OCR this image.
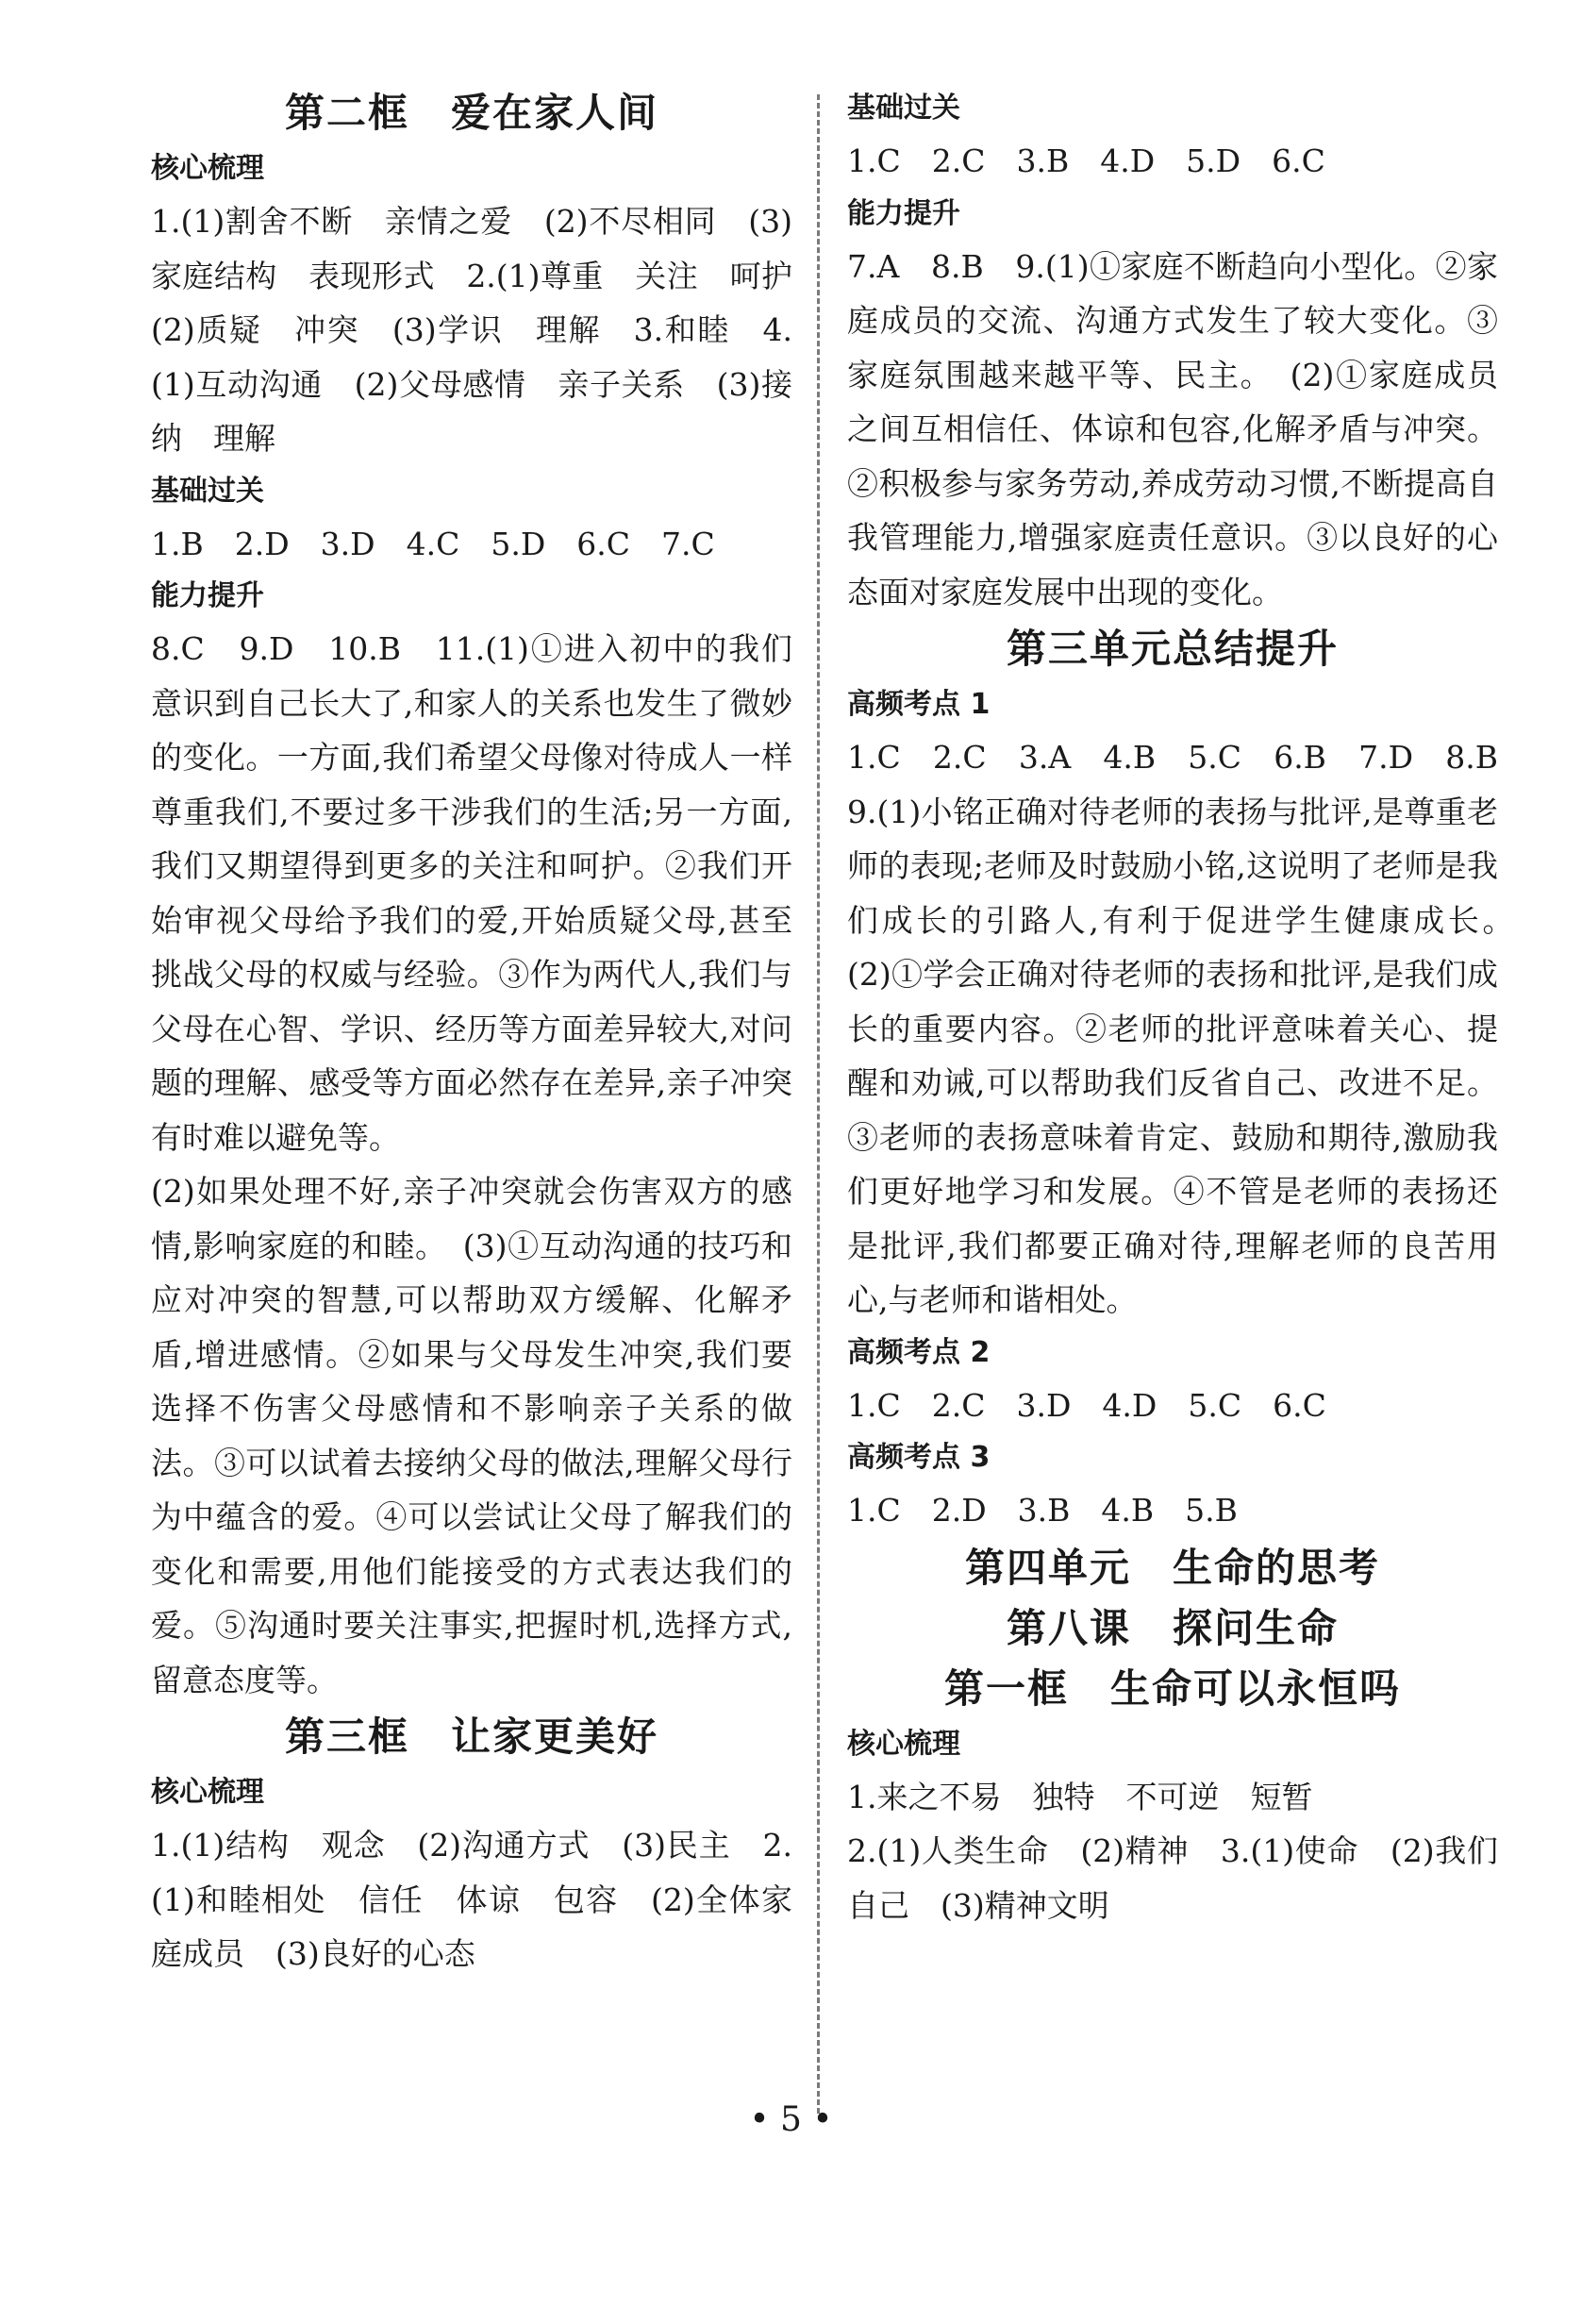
第二框　爱在家人间
核心梳理

1.(1)割舍不断　亲情之爱　(2)不尽相同　(3)家庭结构　表现形式　2.(1)尊重　关注　呵护　(2)质疑　冲突　(3)学识　理解　3.和睦　4.(1)互动沟通　(2)父母感情　亲子关系　(3)接纳　理解

基础过关

1.B　2.D　3.D　4.C　5.D　6.C　7.C

能力提升

8.C　9.D　10.B　11.(1)①进入初中的我们意识到自己长大了,和家人的关系也发生了微妙的变化。一方面,我们希望父母像对待成人一样尊重我们,不要过多干涉我们的生活;另一方面,我们又期望得到更多的关注和呵护。②我们开始审视父母给予我们的爱,开始质疑父母,甚至挑战父母的权威与经验。③作为两代人,我们与父母在心智、学识、经历等方面差异较大,对问题的理解、感受等方面必然存在差异,亲子冲突有时难以避免等。

(2)如果处理不好,亲子冲突就会伤害双方的感情,影响家庭的和睦。　(3)①互动沟通的技巧和应对冲突的智慧,可以帮助双方缓解、化解矛盾,增进感情。②如果与父母发生冲突,我们要选择不伤害父母感情和不影响亲子关系的做法。③可以试着去接纳父母的做法,理解父母行为中蕴含的爱。④可以尝试让父母了解我们的变化和需要,用他们能接受的方式表达我们的爱。⑤沟通时要关注事实,把握时机,选择方式,留意态度等。

第三框　让家更美好
核心梳理

1.(1)结构　观念　(2)沟通方式　(3)民主　2.(1)和睦相处　信任　体谅　包容　(2)全体家庭成员　(3)良好的心态

基础过关

1.C　2.C　3.B　4.D　5.D　6.C

能力提升

7.A　8.B　9.(1)①家庭不断趋向小型化。②家庭成员的交流、沟通方式发生了较大变化。③家庭氛围越来越平等、民主。　(2)①家庭成员之间互相信任、体谅和包容,化解矛盾与冲突。②积极参与家务劳动,养成劳动习惯,不断提高自我管理能力,增强家庭责任意识。③以良好的心态面对家庭发展中出现的变化。

第三单元总结提升
高频考点 1

1.C　2.C　3.A　4.B　5.C　6.B　7.D　8.B　9.(1)小铭正确对待老师的表扬与批评,是尊重老师的表现;老师及时鼓励小铭,这说明了老师是我们成长的引路人,有利于促进学生健康成长。　(2)①学会正确对待老师的表扬和批评,是我们成长的重要内容。②老师的批评意味着关心、提醒和劝诫,可以帮助我们反省自己、改进不足。③老师的表扬意味着肯定、鼓励和期待,激励我们更好地学习和发展。④不管是老师的表扬还是批评,我们都要正确对待,理解老师的良苦用心,与老师和谐相处。

高频考点 2

1.C　2.C　3.D　4.D　5.C　6.C

高频考点 3

1.C　2.D　3.B　4.B　5.B

第四单元　生命的思考
第八课　探问生命
第一框　生命可以永恒吗
核心梳理

1.来之不易　独特　不可逆　短暂

2.(1)人类生命　(2)精神　3.(1)使命　(2)我们　自己　(3)精神文明

• 5 •
